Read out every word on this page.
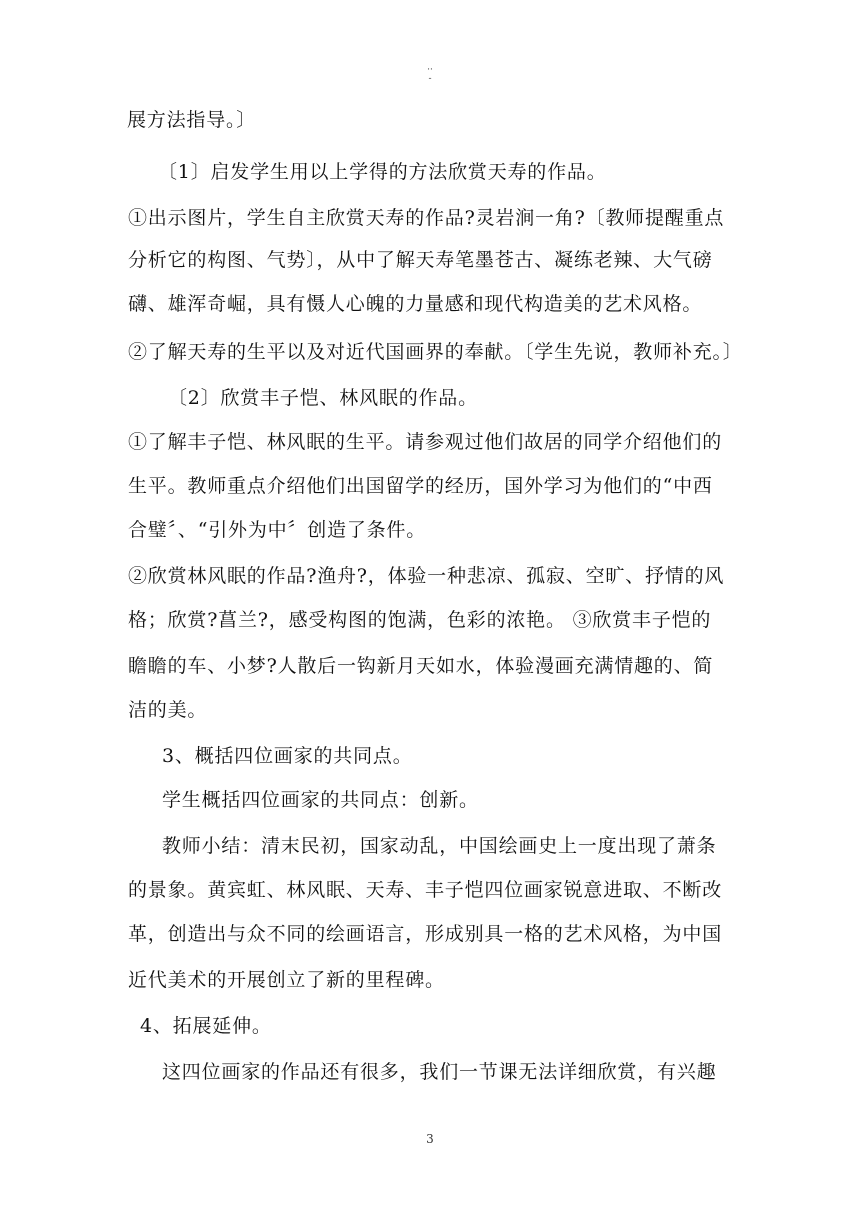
··
-
展方法指导。〕
〔1〕启发学生用以上学得的方法欣赏天寿的作品。
①出示图片，学生自主欣赏天寿的作品?灵岩涧一角?〔教师提醒重点
分析它的构图、气势〕，从中了解天寿笔墨苍古、凝练老辣、大气磅
礴、雄浑奇崛，具有慑人心魄的力量感和现代构造美的艺术风格。
②了解天寿的生平以及对近代国画界的奉献。〔学生先说，教师补充。〕
〔2〕欣赏丰子恺、林风眠的作品。
①了解丰子恺、林风眠的生平。请参观过他们故居的同学介绍他们的
生平。教师重点介绍他们出国留学的经历，国外学习为他们的“中西
合璧〞、“引外为中〞创造了条件。
②欣赏林风眠的作品?渔舟?，体验一种悲凉、孤寂、空旷、抒情的风
格；欣赏?菖兰?，感受构图的饱满，色彩的浓艳。 ③欣赏丰子恺的
瞻瞻的车、小梦?人散后一钩新月天如水，体验漫画充满情趣的、简
洁的美。
3、概括四位画家的共同点。
学生概括四位画家的共同点：创新。
教师小结：清末民初，国家动乱，中国绘画史上一度出现了萧条
的景象。黄宾虹、林风眠、天寿、丰子恺四位画家锐意进取、不断改
革，创造出与众不同的绘画语言，形成别具一格的艺术风格，为中国
近代美术的开展创立了新的里程碑。
4、拓展延伸。
这四位画家的作品还有很多，我们一节课无法详细欣赏，有兴趣
3
